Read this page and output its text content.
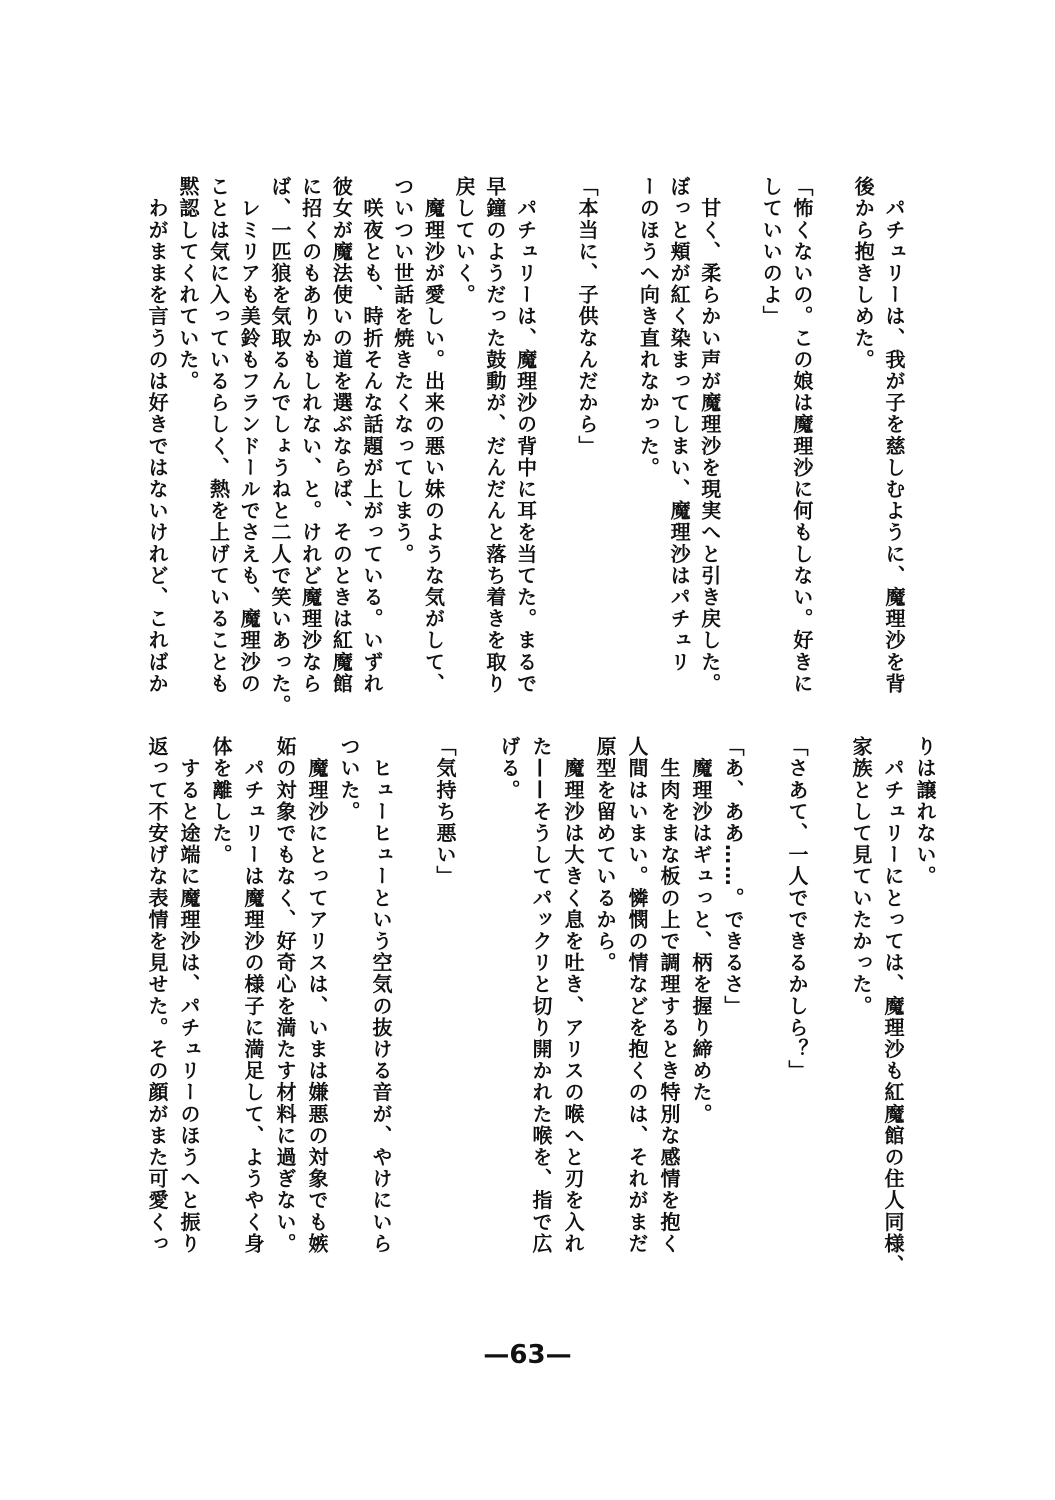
　パチュリーは、我が子を慈しむように、魔理沙を背
後から抱きしめた。
「怖くないの。この娘は魔理沙に何もしない。好きに
していいのよ」
　甘く、柔らかい声が魔理沙を現実へと引き戻した。
ぼっと頬が紅く染まってしまい、魔理沙はパチュリ
ーのほうへ向き直れなかった。
「本当に、子供なんだから」
　パチュリーは、魔理沙の背中に耳を当てた。まるで
早鐘のようだった鼓動が、だんだんと落ち着きを取り
戻していく。
　魔理沙が愛しい。出来の悪い妹のような気がして、
ついつい世話を焼きたくなってしまう。
　咲夜とも、時折そんな話題が上がっている。いずれ
彼女が魔法使いの道を選ぶならば、そのときは紅魔館
に招くのもありかもしれない、と。けれど魔理沙なら
ば、一匹狼を気取るんでしょうねと二人で笑いあった。
　レミリアも美鈴もフランドールでさえも、魔理沙の
ことは気に入っているらしく、熱を上げていることも
黙認してくれていた。
　わがままを言うのは好きではないけれど、こればか
りは譲れない。
　パチュリーにとっては、魔理沙も紅魔館の住人同様、
家族として見ていたかった。
「さあて、一人でできるかしら？」
「あ、ああ……。できるさ」
　魔理沙はギュっと、柄を握り締めた。
　生肉をまな板の上で調理するとき特別な感情を抱く
人間はいまい。憐憫の情などを抱くのは、それがまだ
原型を留めているから。
　魔理沙は大きく息を吐き、アリスの喉へと刃を入れ
た——そうしてパックリと切り開かれた喉を、指で広
げる。
「気持ち悪い」
　ヒューヒューという空気の抜ける音が、やけにいら
ついた。
　魔理沙にとってアリスは、いまは嫌悪の対象でも嫉
妬の対象でもなく、好奇心を満たす材料に過ぎない。
　パチュリーは魔理沙の様子に満足して、ようやく身
体を離した。
　すると途端に魔理沙は、パチュリーのほうへと振り
返って不安げな表情を見せた。その顔がまた可愛くっ
—63—
